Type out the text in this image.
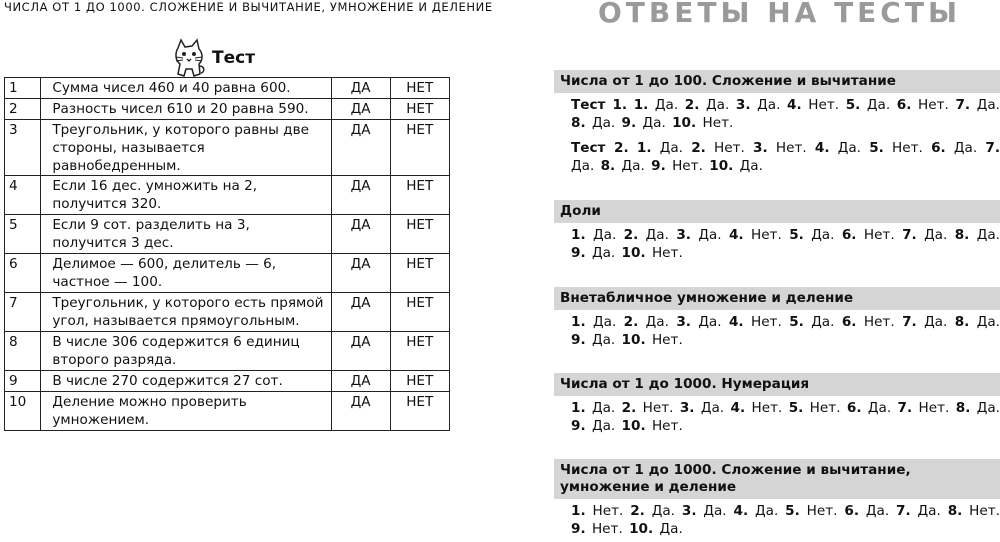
ЧИСЛА ОТ 1 ДО 1000. СЛОЖЕНИЕ И ВЫЧИТАНИЕ, УМНОЖЕНИЕ И ДЕЛЕНИЕ
Тест
1	Сумма чисел 460 и 40 равна 600.	ДА	НЕТ
2	Разность чисел 610 и 20 равна 590.	ДА	НЕТ
3	Треугольник, у которого равны две стороны, называется равнобедренным.	ДА	НЕТ
4	Если 16 дес. умножить на 2, получится 320.	ДА	НЕТ
5	Если 9 сот. разделить на 3, получится 3 дес.	ДА	НЕТ
6	Делимое — 600, делитель — 6, частное — 100.	ДА	НЕТ
7	Треугольник, у которого есть прямой угол, называется прямоугольным.	ДА	НЕТ
8	В числе 306 содержится 6 единиц второго разряда.	ДА	НЕТ
9	В числе 270 содержится 27 сот.	ДА	НЕТ
10	Деление можно проверить умножением.	ДА	НЕТ
ОТВЕТЫ НА ТЕСТЫ
Числа от 1 до 100. Сложение и вычитание
Тест 1. 1. Да. 2. Да. 3. Да. 4. Нет. 5. Да. 6. Нет. 7. Да. 8. Да. 9. Да. 10. Нет.
Тест 2. 1. Да. 2. Нет. 3. Нет. 4. Да. 5. Нет. 6. Да. 7. Да. 8. Да. 9. Нет. 10. Да.
Доли
1. Да. 2. Да. 3. Да. 4. Нет. 5. Да. 6. Нет. 7. Да. 8. Да. 9. Да. 10. Нет.
Внетабличное умножение и деление
1. Да. 2. Да. 3. Да. 4. Нет. 5. Да. 6. Нет. 7. Да. 8. Да. 9. Да. 10. Нет.
Числа от 1 до 1000. Нумерация
1. Да. 2. Нет. 3. Да. 4. Нет. 5. Нет. 6. Да. 7. Нет. 8. Да. 9. Да. 10. Нет.
Числа от 1 до 1000. Сложение и вычитание, умножение и деление
1. Нет. 2. Да. 3. Да. 4. Да. 5. Нет. 6. Да. 7. Да. 8. Нет. 9. Нет. 10. Да.
